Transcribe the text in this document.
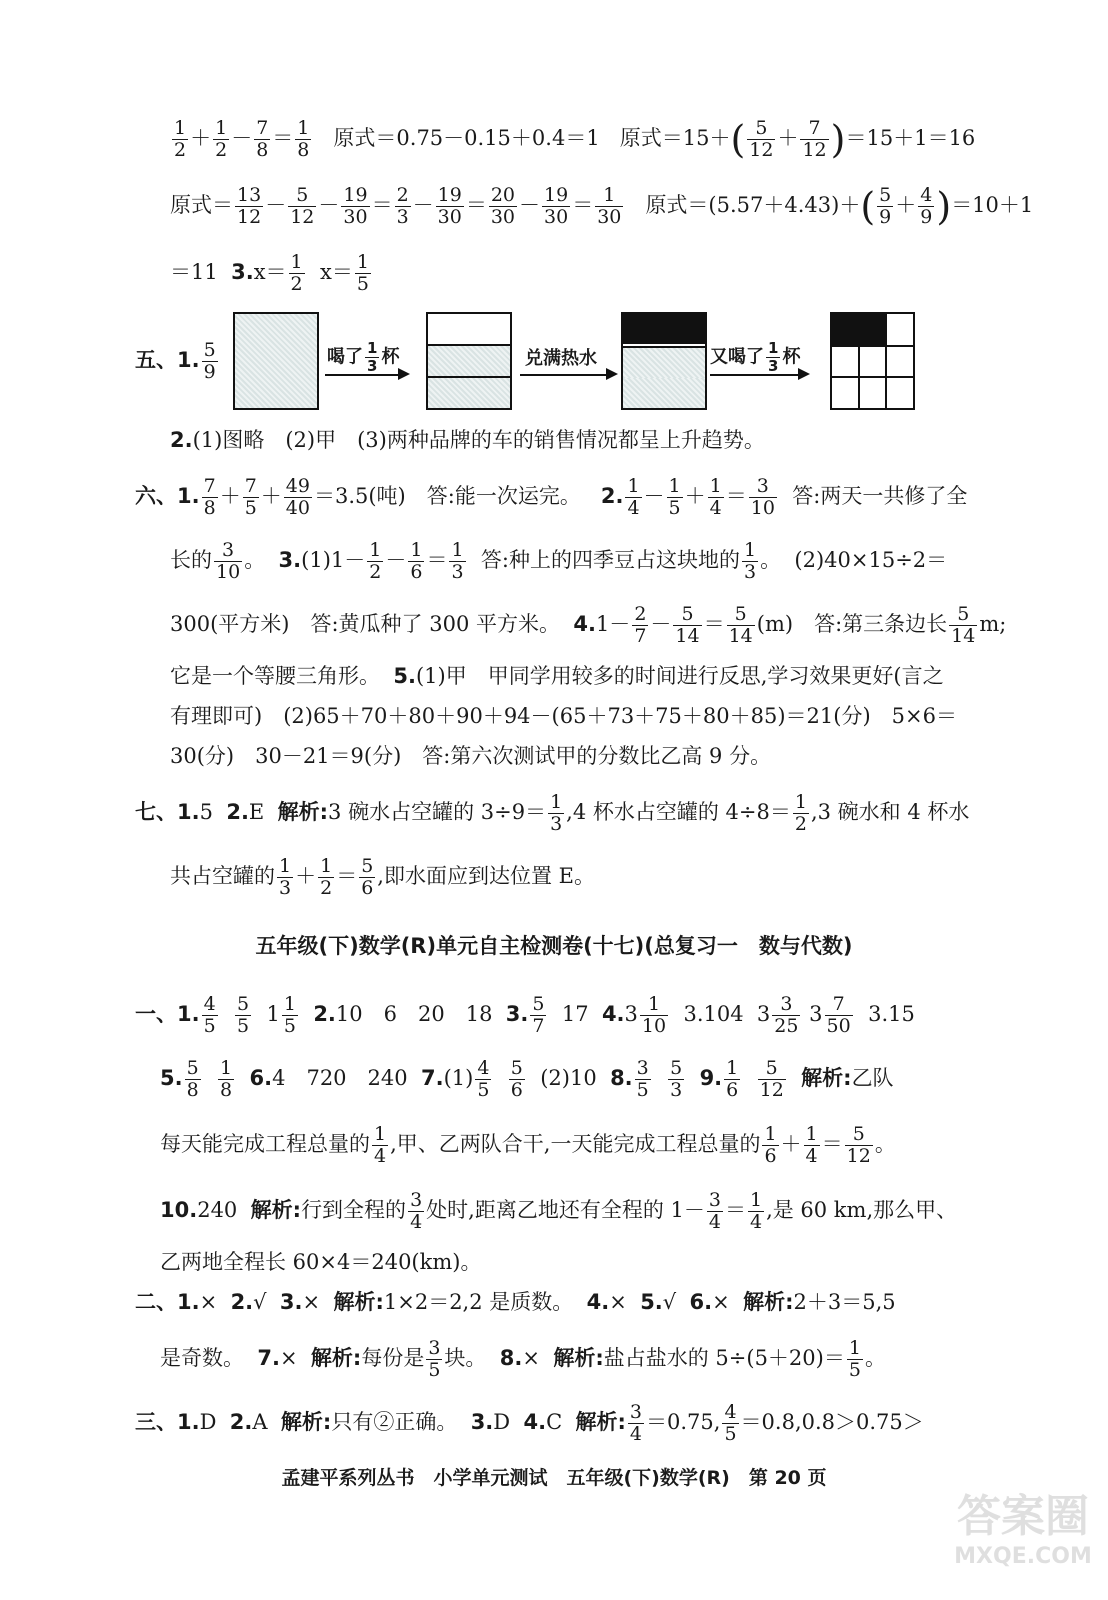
$\frac{1}{2} + \frac{1}{2} - \frac{7}{8} = \frac{1}{8}$ 原式＝0.75－0.15＋0.4＝1 原式$=15+( \frac{5}{12} + \frac{7}{12} )=15+1=16$
原式＝ $\frac{13}{12} - \frac{5}{12} - \frac{19}{30} = \frac{2}{3} - \frac{19}{30} = \frac{20}{30} - \frac{19}{30} = \frac{1}{30}$ 原式$=(5.57+4.43)+( \frac{5}{9} + \frac{4}{9} )=10+1$
＝11 $3.x= \frac{1}{2} x= \frac{1}{5}$
五、1. $\frac{5}{9}$	喝了 $\frac{1}{3}$ 杯	兑满热水	又喝了 $\frac{1}{3}$ 杯
2.(1)图略　(2)甲　(3)两种品牌的车的销售情况都呈上升趋势。
六、1. $\frac{7}{8} + \frac{7}{5} + \frac{49}{40} =3.5$(吨)　答:能一次运完。 2. $\frac{1}{4} - \frac{1}{5} + \frac{1}{4} = \frac{3}{10}$ 答:两天一共修了全
长的 $\frac{3}{10}$ 。  $3.(1)1- \frac{1}{2} - \frac{1}{6} = \frac{1}{3}$ 答:种上的四季豆占这块地的 $\frac{1}{3}$ 。  (2)40×15÷2＝
300(平方米)　答:黄瓜种了 300 平方米。 $4.1- \frac{2}{7} - \frac{5}{14} = \frac{5}{14} (m)$　答:第三条边长 $\frac{5}{14} m$;
它是一个等腰三角形。 5.(1)甲　甲同学用较多的时间进行反思,学习效果更好(言之
有理即可)　(2)65＋70＋80＋90＋94－(65＋73＋75＋80＋85)＝21(分)　5×6＝
30(分)　30－21＝9(分)　答:第六次测试甲的分数比乙高 9 分。
七、1.5 2.E 解析:3 碗水占空罐的 $3\div 9= \frac{1}{3} ,4$ 杯水占空罐的 $4\div 8= \frac{1}{2} ,3$ 碗水和 4 杯水
共占空罐的 $\frac{1}{3} + \frac{1}{2} = \frac{5}{6}$ ,即水面应到达位置 E。
五年级(下)数学(R)单元自主检测卷(十七)(总复习一　数与代数)
一、1. $\frac{4}{5}$
$\frac{5}{5} 1 \frac{1}{5} 2.10$　6　20　18 3. $\frac{5}{7} 17$ $4.3 \frac{1}{10} 3.104$  $3 \frac{3}{25} 3 \frac{7}{50} 3.15$
5. $\frac{5}{8}$
$\frac{1}{8} 6.4$　720　240 $7.(1) \frac{4}{5}$
$\frac{5}{6} (2)10$ 8. $\frac{3}{5}$
$\frac{5}{3} 9$. $\frac{1}{6}$
$\frac{5}{12}$ 解析:乙队
每天能完成工程总量的 $\frac{1}{4}$ ,甲、乙两队合干,一天能完成工程总量的 $\frac{1}{6} + \frac{1}{4} = \frac{5}{12}$ 。
10.240 解析:行到全程的 $\frac{3}{4}$ 处时,距离乙地还有全程的 $1- \frac{3}{4} = \frac{1}{4}$ ,是 60 km,那么甲、
乙两地全程长 60×4＝240(km)。
二、1.× 2.√ 3.× 解析:1×2＝2,2 是质数。 4.× 5.√ 6.× 解析:2＋3＝5,5
是奇数。 7.× 解析:每份是 $\frac{3}{5}$ 块。 8.× 解析:盐占盐水的 $5\div(5+20)= \frac{1}{5}$ 。
三、1.D 2.A 解析:只有②正确。 3.D 4.C 解析: $\frac{3}{4} =0.75$, $\frac{4}{5} =0.8,0.8>0.75>$
孟建平系列丛书　小学单元测试　五年级(下)数学(R)　第 20 页
答案圈
MXQE.COM
